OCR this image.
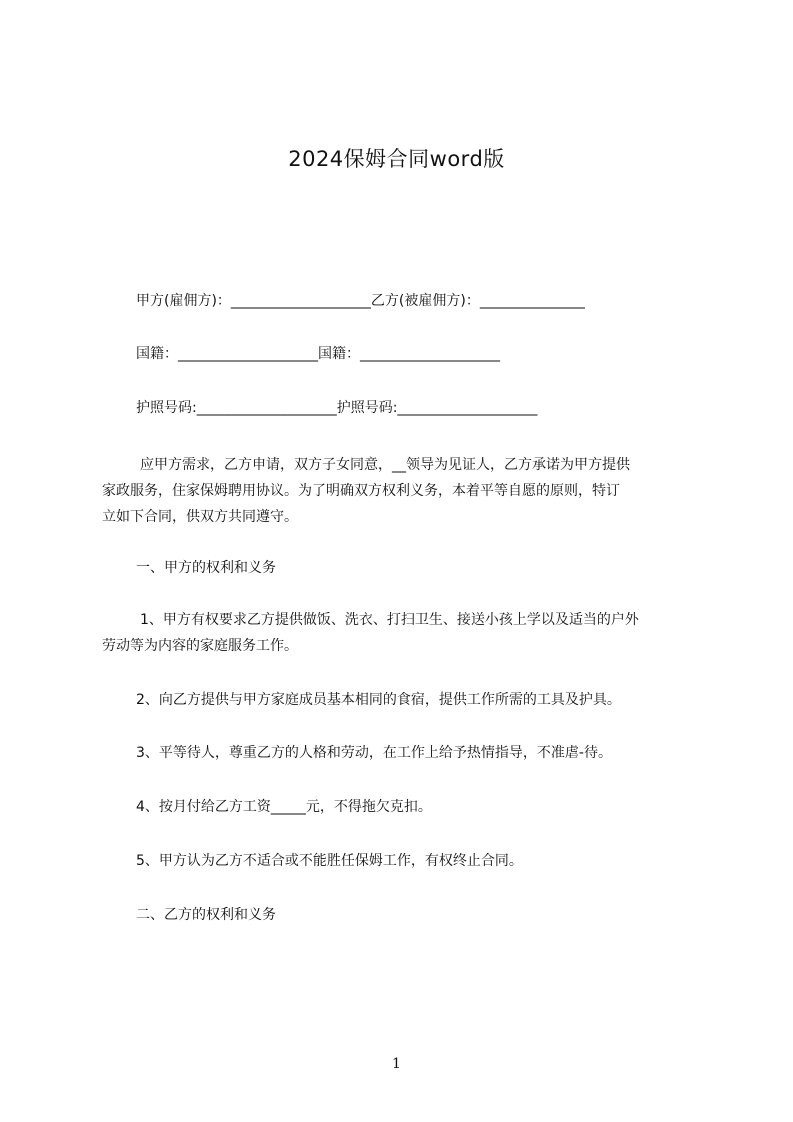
2024保姆合同word版
甲方(雇佣方)：____________________乙方(被雇佣方)：_______________
国籍：____________________国籍：____________________
护照号码:____________________护照号码:____________________
应甲方需求，乙方申请，双方子女同意，__领导为见证人，乙方承诺为甲方提供
家政服务，住家保姆聘用协议。为了明确双方权利义务，本着平等自愿的原则，特订
立如下合同，供双方共同遵守。
一、甲方的权利和义务
1、甲方有权要求乙方提供做饭、洗衣、打扫卫生、接送小孩上学以及适当的户外
劳动等为内容的家庭服务工作。
2、向乙方提供与甲方家庭成员基本相同的食宿，提供工作所需的工具及护具。
3、平等待人，尊重乙方的人格和劳动，在工作上给予热情指导，不准虐-待。
4、按月付给乙方工资_____元，不得拖欠克扣。
5、甲方认为乙方不适合或不能胜任保姆工作，有权终止合同。
二、乙方的权利和义务
1
